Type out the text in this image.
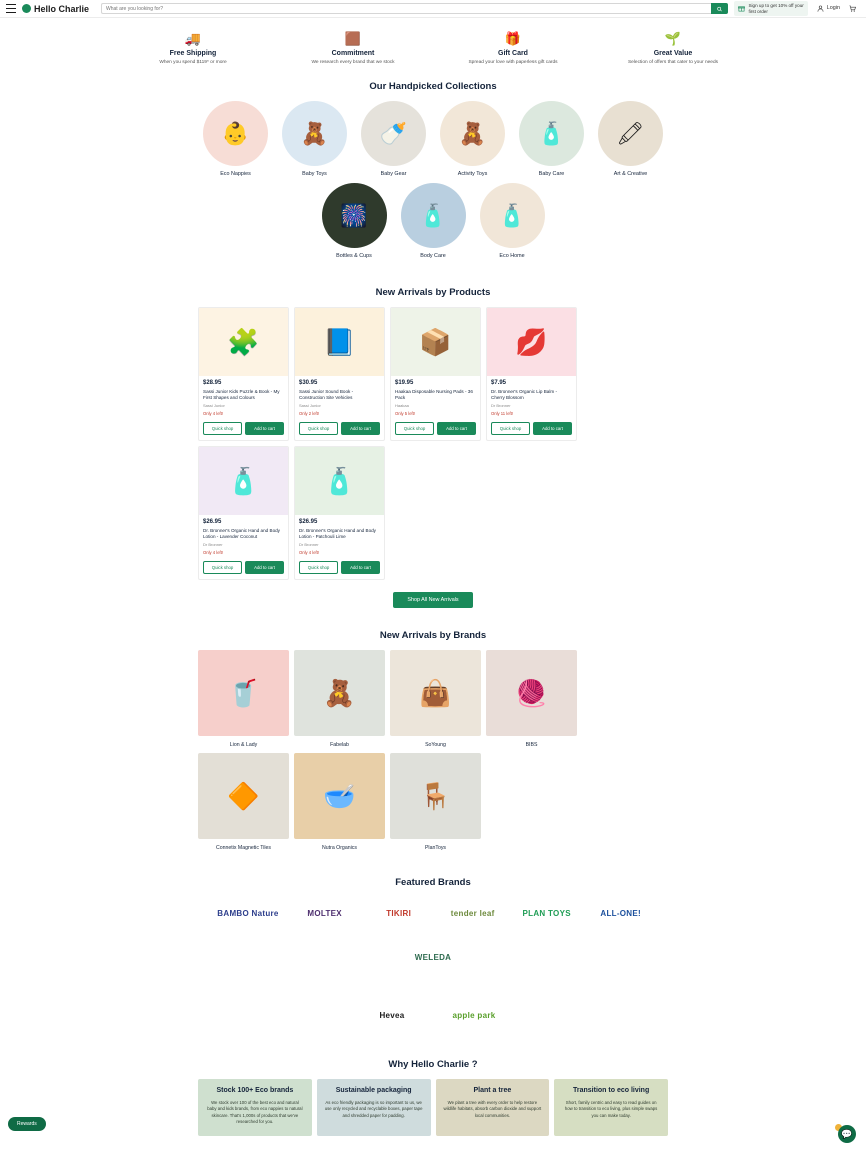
Hello Charlie
What are you looking for?	Sign up to get 10% off your
first order	Login
🚚
Free Shipping
When you spend $119* or more
🟫
Commitment
We research every brand that we stock
🎁
Gift Card
Spread your love with paperless gift cards
🌱
Great Value
Selection of offers that cater to your needs
Our Handpicked Collections
👶
Eco Nappies
🧸
Baby Toys
🍼
Baby Gear
🧸
Activity Toys
🧴
Baby Care
🖍
Art & Creative
🎆
Bottles & Cups
🧴
Body Care
🧴
Eco Home
New Arrivals by Products
🧩
$28.95
Sassi Junior Kids Puzzle & Book - My First Shapes and Colours
Sassi Junior
Only 4 left!
Quick shop	Add to cart
📘
$30.95
Sassi Junior Sound Book - Construction Site Vehicles
Sassi Junior
Only 2 left!
Quick shop	Add to cart
📦
$19.95
Haakaa Disposable Nursing Pads - 36 Pack
Haakaa
Only 5 left!
Quick shop	Add to cart
💋
$7.95
Dr. Bronner's Organic Lip Balm - Cherry Blossom
Dr Bronner
Only 11 left!
Quick shop	Add to cart
🧴
$26.95
Dr. Bronner's Organic Hand and Body Lotion - Lavender Coconut
Dr Bronner
Only 4 left!
Quick shop	Add to cart
🧴
$26.95
Dr. Bronner's Organic Hand and Body Lotion - Patchouli Lime
Dr Bronner
Only 4 left!
Quick shop	Add to cart
Shop All New Arrivals
New Arrivals by Brands
🥤
Lion & Lady
🧸
Fabelab
👜
SoYoung
🧶
BIBS
🔶
Connetix Magnetic Tiles
🥣
Nutra Organics
🪑
PlanToys
Featured Brands
BAMBO Nature	MOLTEX	TIKIRI	tender leaf	PLAN TOYS	ALL-ONE!
WELEDA
Hevea	apple park
Why Hello Charlie ?
Stock 100+ Eco brands
We stock over 100 of the best eco and natural baby and kids brands, from eco nappies to natural skincare. That's 1,000s of products that we've researched for you.
Sustainable packaging
As eco friendly packaging is so important to us, we use only recycled and recyclable boxes, paper tape and shredded paper for padding.
Plant a tree
We plant a tree with every order to help restore wildlife habitats, absorb carbon dioxide and support local communities.
Transition to eco living
Short, family centric and easy to read guides on how to transition to eco living, plus simple swaps you can make today.
Rewards
💬
